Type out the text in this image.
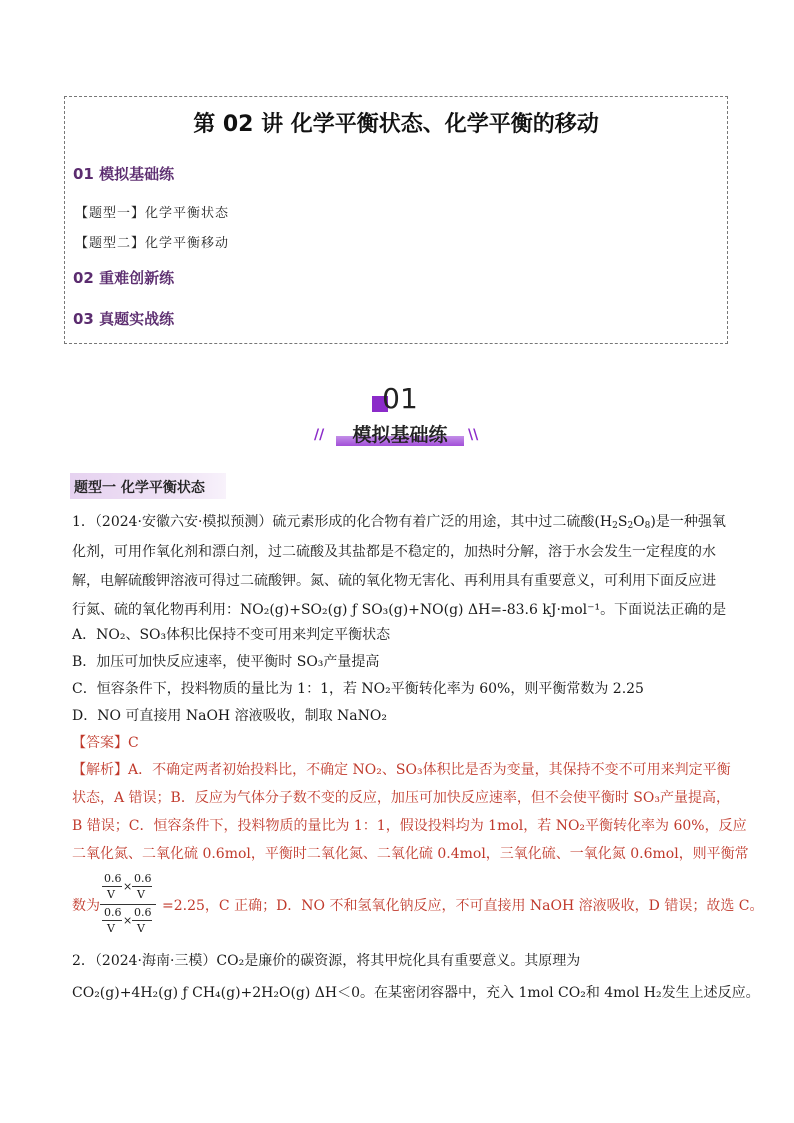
第 02 讲 化学平衡状态、化学平衡的移动
01 模拟基础练
【题型一】化学平衡状态
【题型二】化学平衡移动
02 重难创新练
03 真题实战练
01
//	\\
模拟基础练
题型一 化学平衡状态
1．（2024·安徽六安·模拟预测）硫元素形成的化合物有着广泛的用途，其中过二硫酸$(H_2S_2O_8)$是一种强氧
化剂，可用作氧化剂和漂白剂，过二硫酸及其盐都是不稳定的，加热时分解，溶于水会发生一定程度的水
解，电解硫酸钾溶液可得过二硫酸钾。氮、硫的氧化物无害化、再利用具有重要意义，可利用下面反应进
行氮、硫的氧化物再利用：NO₂(g)+SO₂(g) ƒ SO₃(g)+NO(g) ΔH=-83.6 kJ·mol⁻¹。下面说法正确的是
A．NO₂、SO₃体积比保持不变可用来判定平衡状态
B．加压可加快反应速率，使平衡时 SO₃产量提高
C．恒容条件下，投料物质的量比为 1：1，若 NO₂平衡转化率为 60%，则平衡常数为 2.25
D．NO 可直接用 NaOH 溶液吸收，制取 NaNO₂
【答案】C
【解析】A．不确定两者初始投料比，不确定 NO₂、SO₃体积比是否为变量，其保持不变不可用来判定平衡
状态，A 错误；B．反应为气体分子数不变的反应，加压可加快反应速率，但不会使平衡时 SO₃产量提高，
B 错误；C．恒容条件下，投料物质的量比为 1：1，假设投料均为 1mol，若 NO₂平衡转化率为 60%，反应
二氧化氮、二氧化硫 0.6mol，平衡时二氧化氮、二氧化硫 0.4mol，三氧化硫、一氧化氮 0.6mol，则平衡常
数为	=2.25，C 正确；D．NO 不和氢氧化钠反应，不可直接用 NaOH 溶液吸收，D 错误；故选 C。
0.6
V
×
0.6
V
0.6
V
×
0.6
V
2．（2024·海南·三模）CO₂是廉价的碳资源，将其甲烷化具有重要意义。其原理为
CO₂(g)+4H₂(g) ƒ CH₄(g)+2H₂O(g) ΔH＜0。在某密闭容器中，充入 1mol CO₂和 4mol H₂发生上述反应。
